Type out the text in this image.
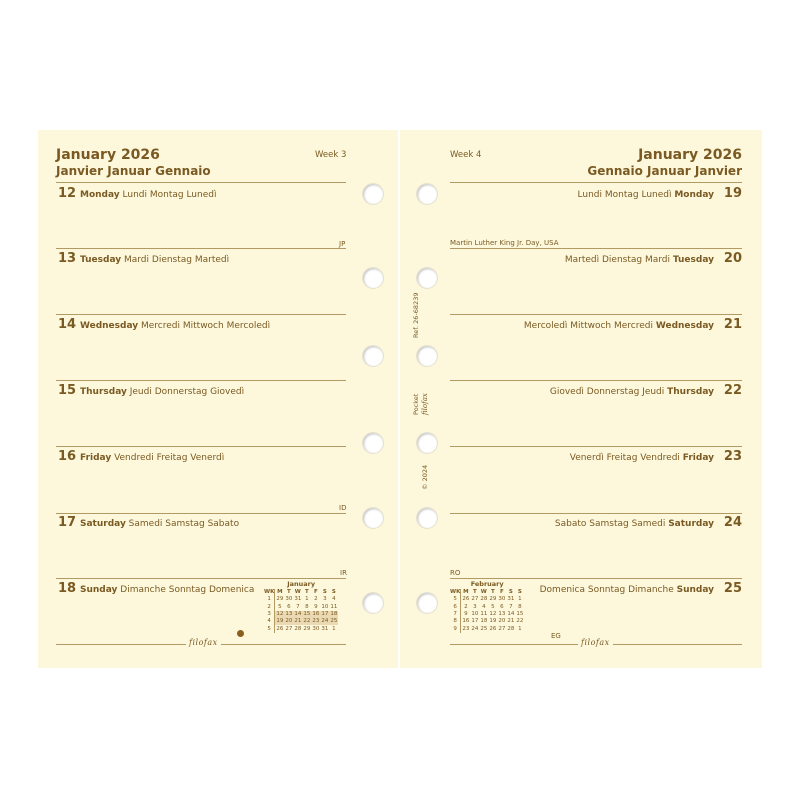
January 2026
Janvier Januar Gennaio
Week 3
12 Monday Lundi Montag Lunedì
JP
13 Tuesday Mardi Dienstag Martedì
14 Wednesday Mercredi Mittwoch Mercoledì
15 Thursday Jeudi Donnerstag Giovedì
16 Friday Vendredi Freitag Venerdì
ID
17 Saturday Samedi Samstag Sabato
IR
18 Sunday Dimanche Sonntag Domenica
January
WK	M	T	W	T	F	S	S
1	29	30	31	1	2	3	4
2	5	6	7	8	9	10	11
3	12	13	14	15	16	17	18
4	19	20	21	22	23	24	25
5	26	27	28	29	30	31	1
filofax
Week 4	January 2026
Gennaio Januar Janvier
Lundi Montag Lunedì Monday 19
Martin Luther King Jr. Day, USA
Martedì Dienstag Mardi Tuesday 20
Mercoledì Mittwoch Mercredi Wednesday 21
Giovedì Donnerstag Jeudi Thursday 22
Venerdì Freitag Vendredi Friday 23
Sabato Samstag Samedi Saturday 24
RO
Domenica Sonntag Dimanche Sunday 25
February
WK	M	T	W	T	F	S	S
5	26	27	28	29	30	31	1
6	2	3	4	5	6	7	8
7	9	10	11	12	13	14	15
8	16	17	18	19	20	21	22
9	23	24	25	26	27	28	1
EG
filofax
Ref. 26-68239
Pocket filofax
© 2024
